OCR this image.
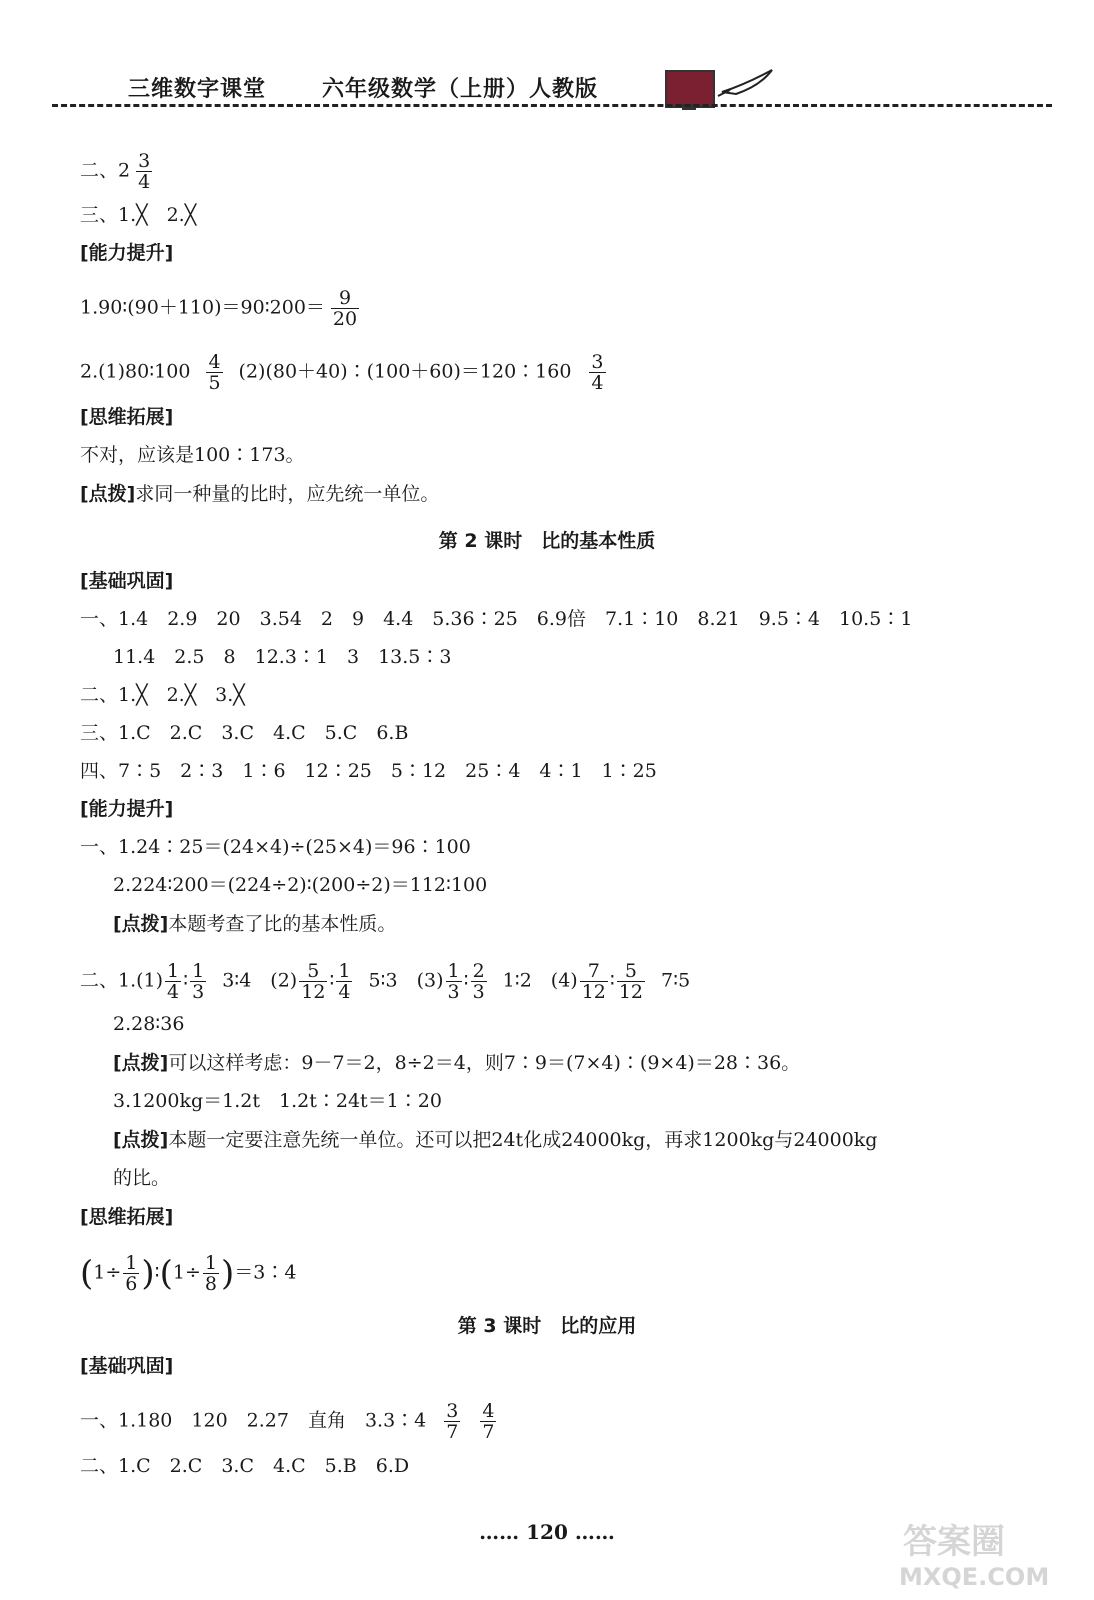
三维数字课堂	六年级数学（上册）人教版
二、$2 \frac{3}{4}$
三、1.╳　2.╳
[能力提升]
1.90∶(90＋110)＝90∶200＝ $\frac{9}{20}$
2.(1)80∶100 $\frac{4}{5}$ (2)(80＋40)∶(100＋60)＝120∶160 $\frac{3}{4}$
[思维拓展]
不对，应该是100∶173。
[点拨]求同一种量的比时，应先统一单位。
第 2 课时　比的基本性质
[基础巩固]
一、1.4　2.9　20　3.54　2　9　4.4　5.36∶25　6.9倍　7.1∶10　8.21　9.5∶4　10.5∶1
11.4　2.5　8　12.3∶1　3　13.5∶3
二、1.╳　2.╳　3.╳
三、1.C　2.C　3.C　4.C　5.C　6.B
四、7∶5　2∶3　1∶6　12∶25　5∶12　25∶4　4∶1　1∶25
[能力提升]
一、1.24∶25＝(24×4)÷(25×4)＝96∶100
2.224∶200＝(224÷2)∶(200÷2)＝112∶100
[点拨]本题考查了比的基本性质。
二、$1.(1) \frac{1}{4}$ ∶ $\frac{1}{3}$ 3∶4　$(2) \frac{5}{12}$ ∶ $\frac{1}{4}$ 5∶3　$(3) \frac{1}{3}$ ∶ $\frac{2}{3}$ 1∶2　$(4) \frac{7}{12}$ ∶ $\frac{5}{12}$ 7∶5
2.28∶36
[点拨]可以这样考虑：9－7＝2，8÷2＝4，则7∶9＝(7×4)∶(9×4)＝28∶36。
3.1200kg＝1.2t　1.2t∶24t＝1∶20
[点拨]本题一定要注意先统一单位。还可以把24t化成24000kg，再求1200kg与24000kg
的比。
[思维拓展]
($1\div \frac{1}{6}$ )∶(1÷ $\frac{1}{8}$ )＝3∶4
第 3 课时　比的应用
[基础巩固]
一、1.180　120　2.27　直角　3.3∶4 $\frac{3}{7} \frac{4}{7}$
二、1.C　2.C　3.C　4.C　5.B　6.D
…… 120 ……	答案圈
MXQE.COM
